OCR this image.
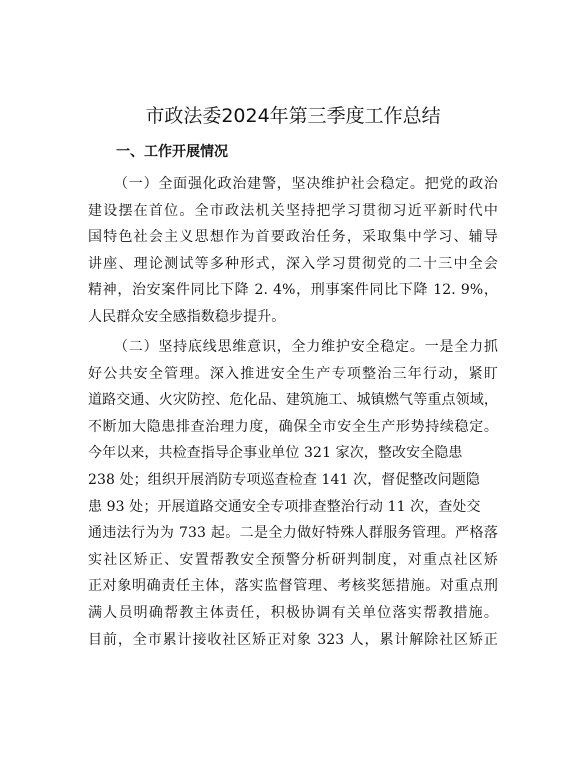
市政法委2024年第三季度工作总结
一、工作开展情况
（一）全面强化政治建警，坚决维护社会稳定。把党的政治
建设摆在首位。全市政法机关坚持把学习贯彻习近平新时代中
国特色社会主义思想作为首要政治任务，采取集中学习、辅导
讲座、理论测试等多种形式，深入学习贯彻党的二十三中全会
精神，治安案件同比下降 2. 4%，刑事案件同比下降 12. 9%，
人民群众安全感指数稳步提升。
（二）坚持底线思维意识，全力维护安全稳定。一是全力抓
好公共安全管理。深入推进安全生产专项整治三年行动，紧盯
道路交通、火灾防控、危化品、建筑施工、城镇燃气等重点领域，
不断加大隐患排查治理力度，确保全市安全生产形势持续稳定。
今年以来，共检查指导企事业单位 321 家次，整改安全隐患
238 处；组织开展消防专项巡查检查 141 次，督促整改问题隐
患 93 处；开展道路交通安全专项排查整治行动 11 次，查处交
通违法行为为 733 起。二是全力做好特殊人群服务管理。严格落
实社区矫正、安置帮教安全预警分析研判制度，对重点社区矫
正对象明确责任主体，落实监督管理、考核奖惩措施。对重点刑
满人员明确帮教主体责任，积极协调有关单位落实帮教措施。
目前，全市累计接收社区矫正对象 323 人，累计解除社区矫正
